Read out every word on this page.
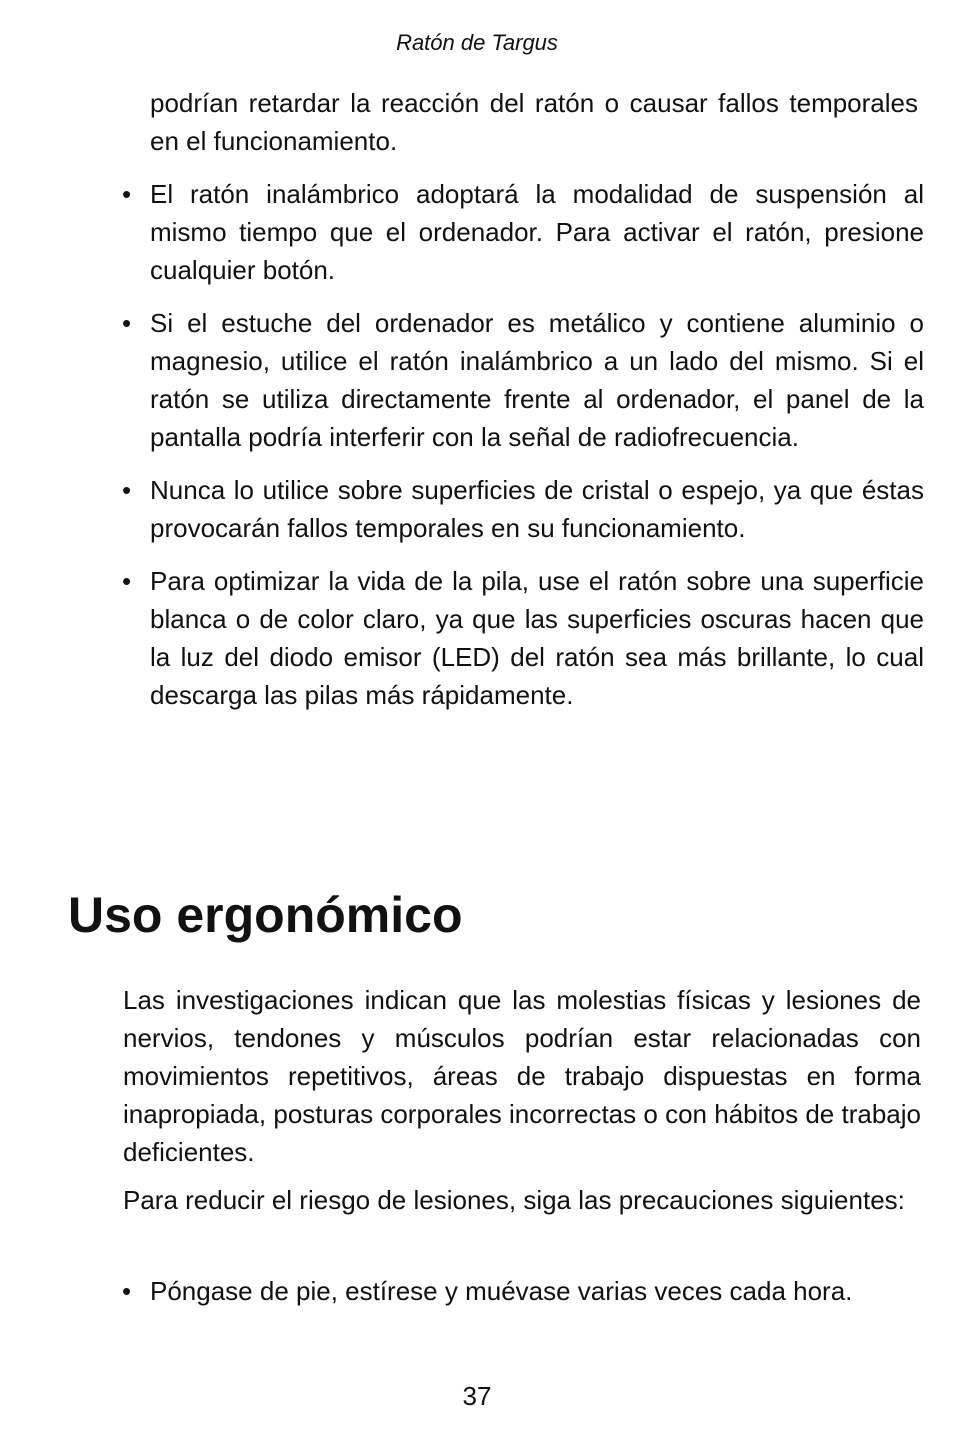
Ratón de Targus

podrían retardar la reacción del ratón o causar fallos temporales en el funcionamiento.

• El ratón inalámbrico adoptará la modalidad de suspensión al mismo tiempo que el ordenador. Para activar el ratón, presione cualquier botón.

• Si el estuche del ordenador es metálico y contiene aluminio o magnesio, utilice el ratón inalámbrico a un lado del mismo. Si el ratón se utiliza directamente frente al ordenador, el panel de la pantalla podría interferir con la señal de radiofrecuencia.

• Nunca lo utilice sobre superficies de cristal o espejo, ya que éstas provocarán fallos temporales en su funcionamiento.

• Para optimizar la vida de la pila, use el ratón sobre una superficie blanca o de color claro, ya que las superficies oscuras hacen que la luz del diodo emisor (LED) del ratón sea más brillante, lo cual descarga las pilas más rápidamente.

Uso ergonómico

Las investigaciones indican que las molestias físicas y lesiones de nervios, tendones y músculos podrían estar relacionadas con movimientos repetitivos, áreas de trabajo dispuestas en forma inapropiada, posturas corporales incorrectas o con hábitos de trabajo deficientes.

Para reducir el riesgo de lesiones, siga las precauciones siguientes:

• Póngase de pie, estírese y muévase varias veces cada hora.

37
